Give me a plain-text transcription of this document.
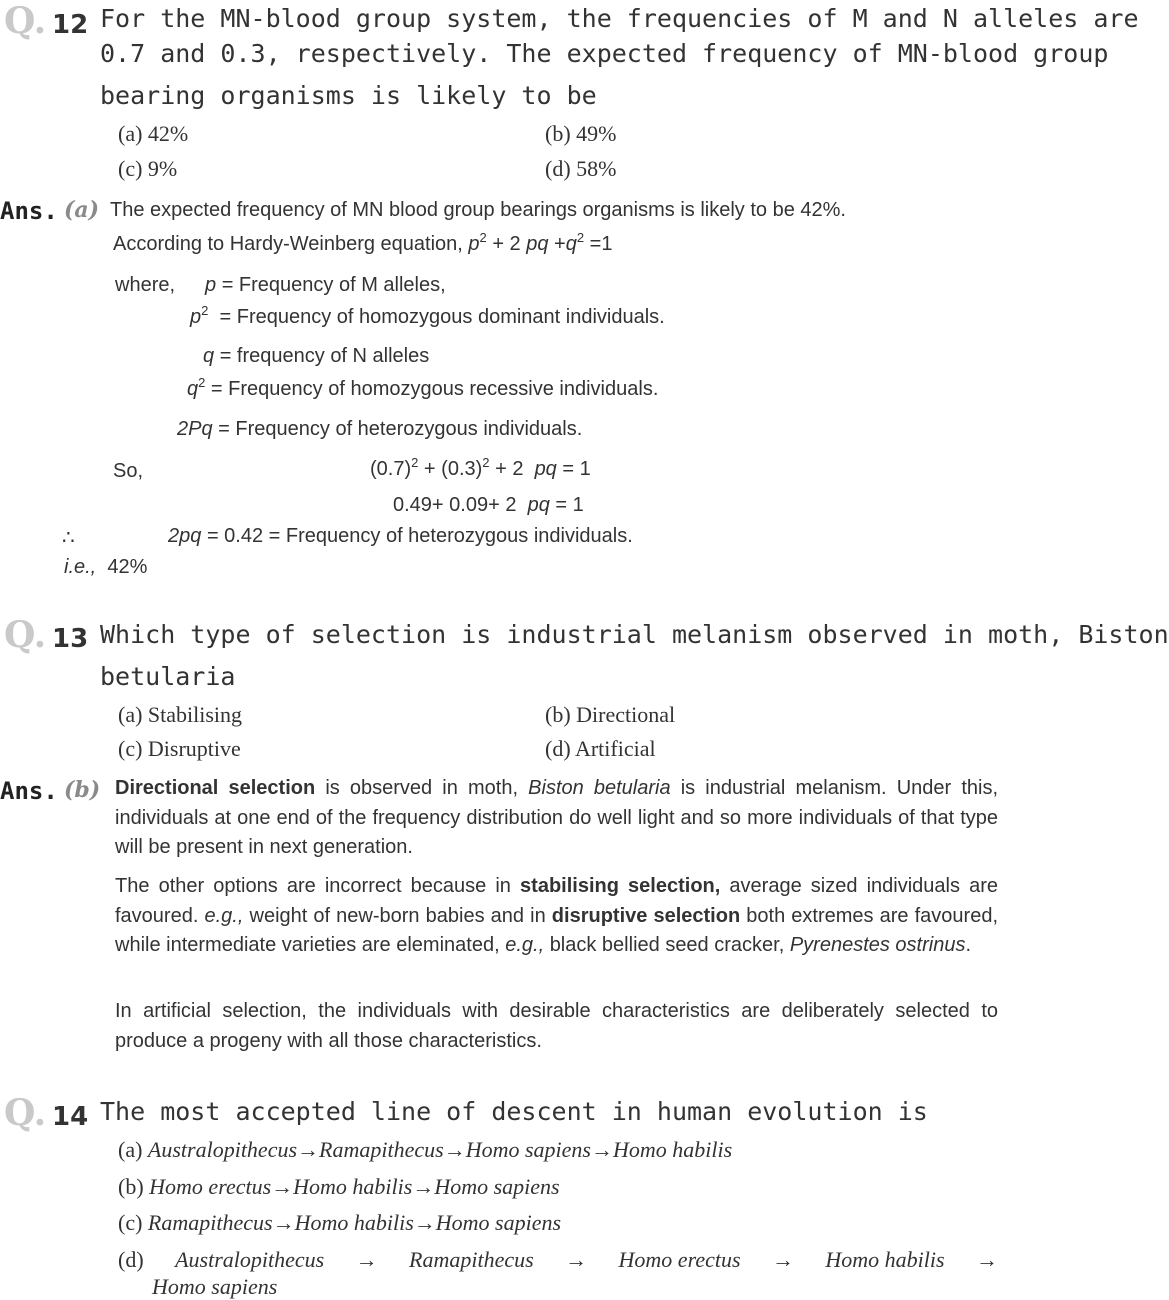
Q. 12 For the MN-blood group system, the frequencies of M and N alleles are
0.7 and 0.3, respectively. The expected frequency of MN-blood group
bearing organisms is likely to be
(a) 42%	(b) 49%
(c) 9%	(d) 58%
Ans. (a) The expected frequency of MN blood group bearings organisms is likely to be 42%.
According to Hardy-Weinberg equation, $p^2 + 2$ pq $+q^2 =1$
where, p = Frequency of M alleles,
$p^2$ = Frequency of homozygous dominant individuals.
q = frequency of N alleles
$q^2$ = Frequency of homozygous recessive individuals.
2Pq = Frequency of heterozygous individuals.
So,	$(0.7)^2 + (0.3)^2 + 2$ pq = 1
0.49+ 0.09+ 2 pq = 1
∴	2pq = 0.42 = Frequency of heterozygous individuals.
i.e., 42%
Q. 13 Which type of selection is industrial melanism observed in moth, Biston
betularia
(a) Stabilising	(b) Directional
(c) Disruptive	(d) Artificial
Ans. (b) Directional selection is observed in moth, Biston betularia is industrial melanism. Under this, individuals at one end of the frequency distribution do well light and so more individuals of that type will be present in next generation.
The other options are incorrect because in stabilising selection, average sized individuals are favoured. e.g., weight of new-born babies and in disruptive selection both extremes are favoured, while intermediate varieties are eleminated, e.g., black bellied seed cracker, Pyrenestes ostrinus.
In artificial selection, the individuals with desirable characteristics are deliberately selected to produce a progeny with all those characteristics.
Q. 14 The most accepted line of descent in human evolution is
(a) Australopithecus→Ramapithecus→Homo sapiens→Homo habilis
(b) Homo erectus→Homo habilis→Homo sapiens
(c) Ramapithecus→Homo habilis→Homo sapiens
(d) Australopithecus → Ramapithecus → Homo erectus → Homo habilis →
Homo sapiens
